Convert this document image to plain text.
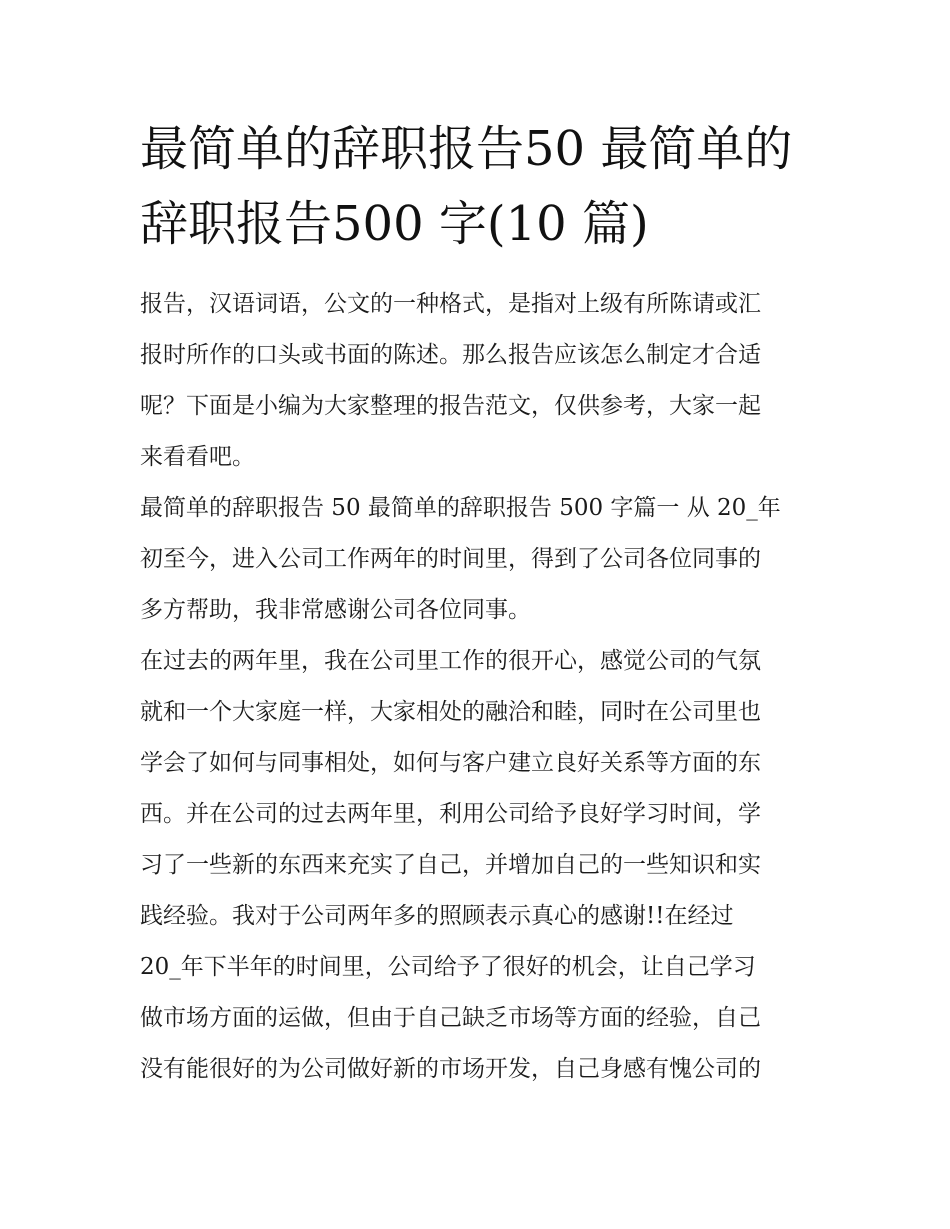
最简单的辞职报告50 最简单的
辞职报告500 字(10 篇)
报告，汉语词语，公文的一种格式，是指对上级有所陈请或汇
报时所作的口头或书面的陈述。那么报告应该怎么制定才合适
呢？下面是小编为大家整理的报告范文，仅供参考，大家一起
来看看吧。
最简单的辞职报告 50 最简单的辞职报告 500 字篇一 从 20_年
初至今，进入公司工作两年的时间里，得到了公司各位同事的
多方帮助，我非常感谢公司各位同事。
在过去的两年里，我在公司里工作的很开心，感觉公司的气氛
就和一个大家庭一样，大家相处的融洽和睦，同时在公司里也
学会了如何与同事相处，如何与客户建立良好关系等方面的东
西。并在公司的过去两年里，利用公司给予良好学习时间，学
习了一些新的东西来充实了自己，并增加自己的一些知识和实
践经验。我对于公司两年多的照顾表示真心的感谢!!在经过
20_年下半年的时间里，公司给予了很好的机会，让自己学习
做市场方面的运做，但由于自己缺乏市场等方面的经验，自己
没有能很好的为公司做好新的市场开发，自己身感有愧公司的
